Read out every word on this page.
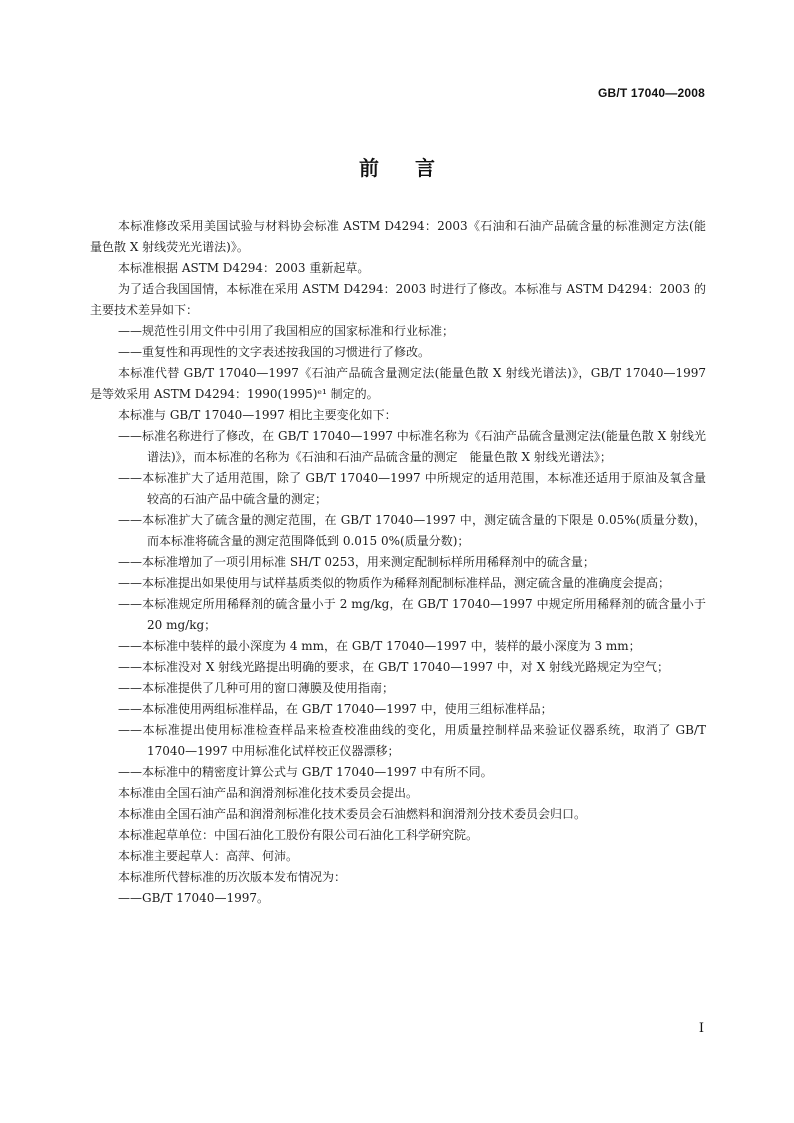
GB/T 17040—2008
前言

本标准修改采用美国试验与材料协会标准 ASTM D4294：2003《石油和石油产品硫含量的标准测定方法(能量色散 X 射线荧光光谱法)》。

本标准根据 ASTM D4294：2003 重新起草。

为了适合我国国情，本标准在采用 ASTM D4294：2003 时进行了修改。本标准与 ASTM D4294：2003 的主要技术差异如下：

——规范性引用文件中引用了我国相应的国家标准和行业标准；

——重复性和再现性的文字表述按我国的习惯进行了修改。

本标准代替 GB/T 17040—1997《石油产品硫含量测定法(能量色散 X 射线光谱法)》，GB/T 17040—1997 是等效采用 ASTM D4294：1990(1995)ᵉ¹ 制定的。

本标准与 GB/T 17040—1997 相比主要变化如下：

——标准名称进行了修改，在 GB/T 17040—1997 中标准名称为《石油产品硫含量测定法(能量色散 X 射线光谱法)》，而本标准的名称为《石油和石油产品硫含量的测定　能量色散 X 射线光谱法》；

——本标准扩大了适用范围，除了 GB/T 17040—1997 中所规定的适用范围，本标准还适用于原油及氧含量较高的石油产品中硫含量的测定；

——本标准扩大了硫含量的测定范围，在 GB/T 17040—1997 中，测定硫含量的下限是 0.05%(质量分数)，而本标准将硫含量的测定范围降低到 0.015 0%(质量分数)；

——本标准增加了一项引用标准 SH/T 0253，用来测定配制标样所用稀释剂中的硫含量；

——本标准提出如果使用与试样基质类似的物质作为稀释剂配制标准样品，测定硫含量的准确度会提高；

——本标准规定所用稀释剂的硫含量小于 2 mg/kg，在 GB/T 17040—1997 中规定所用稀释剂的硫含量小于 20 mg/kg；

——本标准中装样的最小深度为 4 mm，在 GB/T 17040—1997 中，装样的最小深度为 3 mm；

——本标准没对 X 射线光路提出明确的要求，在 GB/T 17040—1997 中，对 X 射线光路规定为空气；

——本标准提供了几种可用的窗口薄膜及使用指南；

——本标准使用两组标准样品，在 GB/T 17040—1997 中，使用三组标准样品；

——本标准提出使用标准检查样品来检查校准曲线的变化，用质量控制样品来验证仪器系统，取消了 GB/T 17040—1997 中用标准化试样校正仪器漂移；

——本标准中的精密度计算公式与 GB/T 17040—1997 中有所不同。

本标准由全国石油产品和润滑剂标准化技术委员会提出。

本标准由全国石油产品和润滑剂标准化技术委员会石油燃料和润滑剂分技术委员会归口。

本标准起草单位：中国石油化工股份有限公司石油化工科学研究院。

本标准主要起草人：高萍、何沛。

本标准所代替标准的历次版本发布情况为：

——GB/T 17040—1997。

I
